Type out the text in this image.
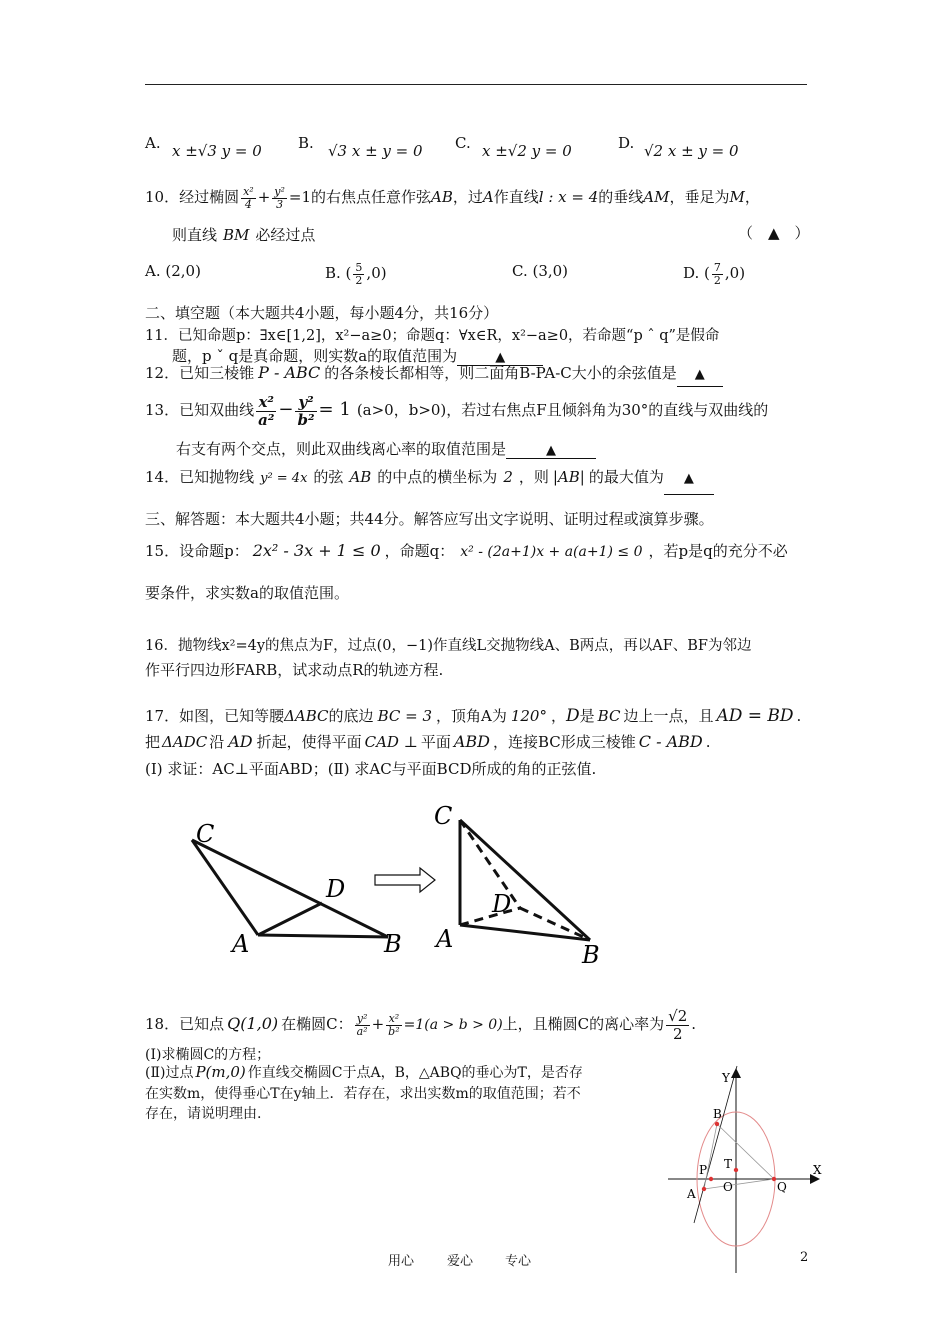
A. x ±√3 y = 0 B. √3 x ± y = 0 C. x ±√2 y = 0	D. √2 x ± y = 0
10．经过椭圆 $\frac{\text{x²}}{4} + \frac{\text{y²}}{3} =1$的右焦点任意作弦AB，过A作直线l : x = 4的垂线AM，垂足为M，
则直线 BM 必经过点	（　▲　）
A. (2,0)	B. ( $\frac{5}{2} ,0$)	C. (3,0)	D. ( $\frac{7}{2} ,0$)
二、填空题（本大题共4小题，每小题4分，共16分）
11．已知命题p：∃x∈[1,2]，x²−a≥0；命题q：∀x∈R，x²−a≥0，若命题“p ˆ q”是假命
题，p ˇ q是真命题，则实数a的取值范围为	▲
12．已知三棱锥 P - ABC 的各条棱长都相等，则二面角B-PA-C大小的余弦值是 ▲
13．已知双曲线 $\frac{\text{x²}}{\text{a²}} - \frac{\text{y²}}{\text{b²}} = 1$ (a>0，b>0)，若过右焦点F且倾斜角为30°的直线与双曲线的
右支有两个交点，则此双曲线离心率的取值范围是	▲
14．已知抛物线 y² = 4x 的弦 AB 的中点的横坐标为 2 ，则 |AB| 的最大值为 ▲
三、解答题：本大题共4小题；共44分。解答应写出文字说明、证明过程或演算步骤。
15．设命题p： 2x² - 3x + 1 ≤ 0 ，命题q： x² - (2a+1)x + a(a+1) ≤ 0 ，若p是q的充分不必
要条件，求实数a的取值范围。
16．抛物线x²=4y的焦点为F，过点(0，−1)作直线L交抛物线A、B两点，再以AF、BF为邻边
作平行四边形FARB，试求动点R的轨迹方程.
17．如图，已知等腰ΔABC的底边 BC = 3 ，顶角A为 120° ，D是 BC 边上一点，且 AD = BD .
把 ΔADC 沿 AD 折起，使得平面 CAD ⊥ 平面 ABD ，连接BC形成三棱锥 C - ABD .
(Ⅰ) 求证：AC⊥平面ABD；(Ⅱ) 求AC与平面BCD所成的角的正弦值.
C
D
A	B
C
D
A
B
18．已知点 Q(1,0) 在椭圆C： $\frac{\text{y²}}{\text{a²}} + \frac{\text{x²}}{\text{b²}} =1(a > b > 0)$上，且椭圆C的离心率为 $\frac{√2}{2}$ .
(Ⅰ)求椭圆C的方程；
(Ⅱ)过点 P(m,0) 作直线交椭圆C于点A，B，△ABQ的垂心为T，是否存
在实数m，使得垂心T在y轴上．若存在，求出实数m的取值范围；若不
存在，请说明理由.
Y
X
B
T
P
O	Q
A
用心	爱心 专心	2
